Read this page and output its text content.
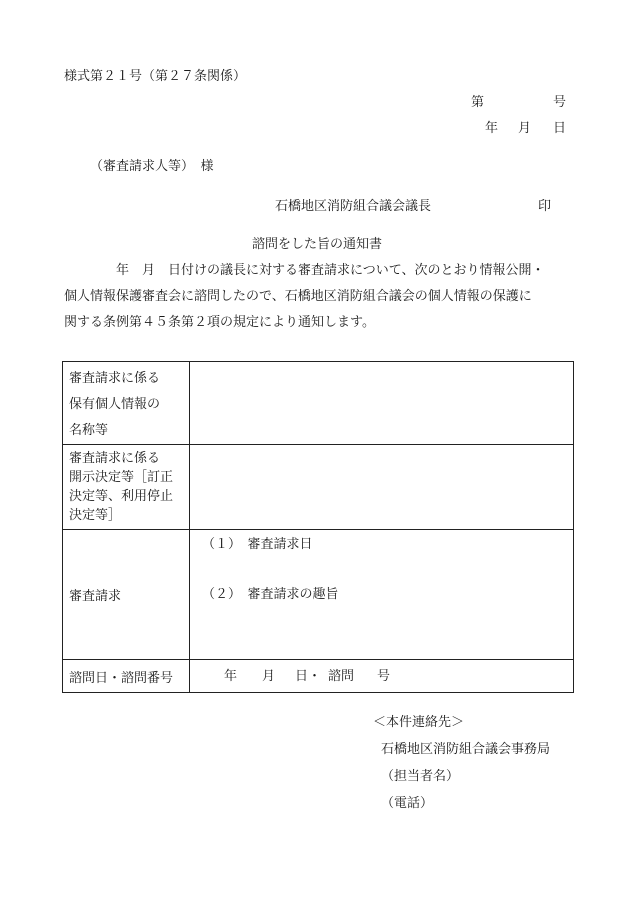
様式第２１号（第２７条関係）
第	号
年 月 日
（審査請求人等）　様
石橋地区消防組合議会議長	印
諮問をした旨の通知書
年　月　日付けの議長に対する審査請求について、次のとおり情報公開・
個人情報保護審査会に諮問したので、石橋地区消防組合議会の個人情報の保護に
関する条例第４５条第２項の規定により通知します。
審査請求に係る
保有個人情報の
名称等	

審査請求に係る
開示決定等［訂正
決定等、利用停止
決定等］	

審査請求	（１）　審査請求日
（２）　審査請求の趣旨

諮問日・諮問番号	年 月 日・ 諮問 号
＜本件連絡先＞
石橋地区消防組合議会事務局
（担当者名）
（電話）
